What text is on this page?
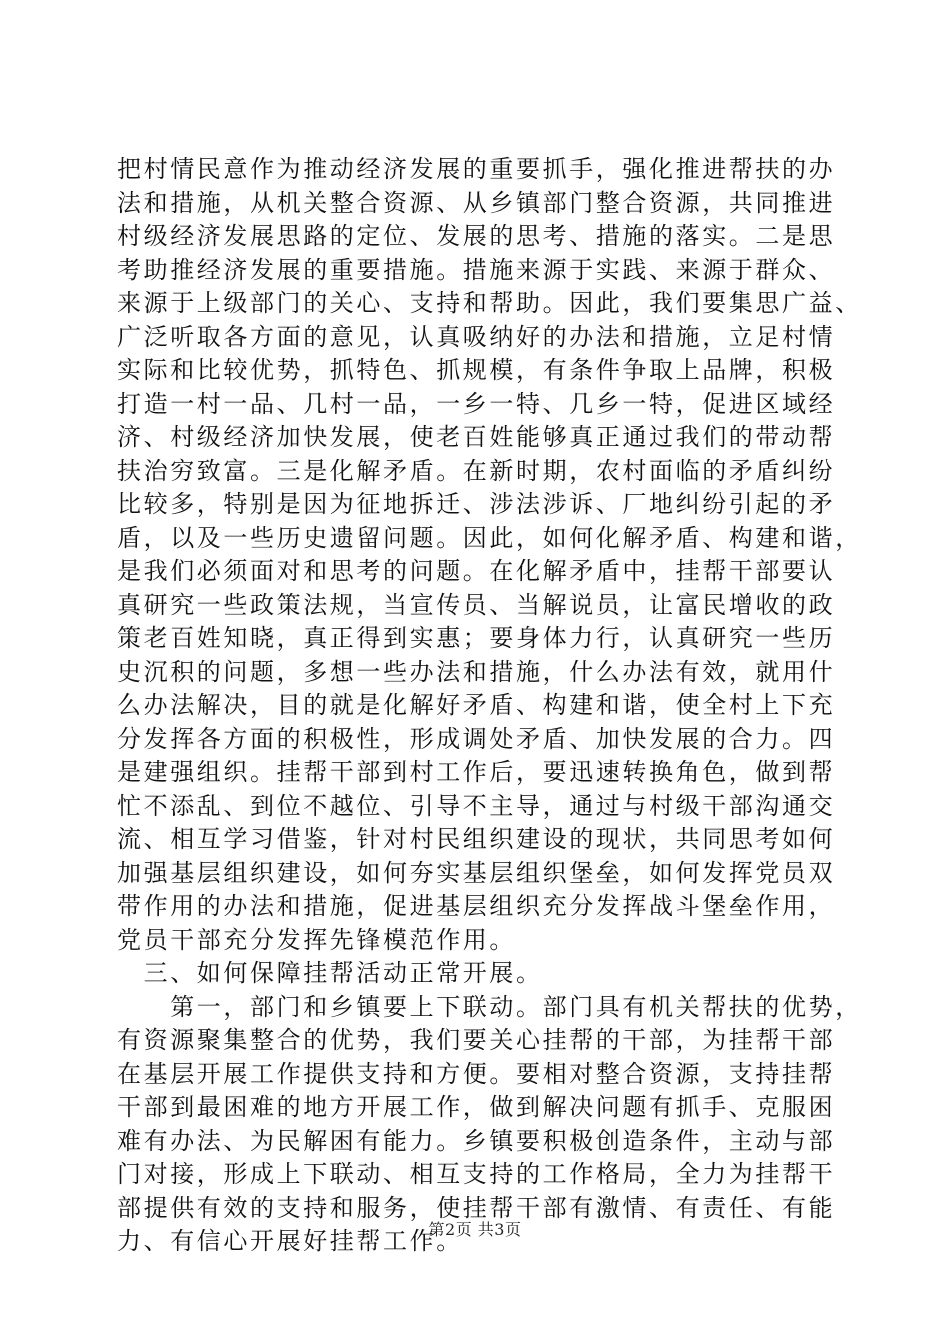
把村情民意作为推动经济发展的重要抓手，强化推进帮扶的办
法和措施，从机关整合资源、从乡镇部门整合资源，共同推进
村级经济发展思路的定位、发展的思考、措施的落实。二是思
考助推经济发展的重要措施。措施来源于实践、来源于群众、
来源于上级部门的关心、支持和帮助。因此，我们要集思广益、
广泛听取各方面的意见，认真吸纳好的办法和措施，立足村情
实际和比较优势，抓特色、抓规模，有条件争取上品牌，积极
打造一村一品、几村一品，一乡一特、几乡一特，促进区域经
济、村级经济加快发展，使老百姓能够真正通过我们的带动帮
扶治穷致富。三是化解矛盾。在新时期，农村面临的矛盾纠纷
比较多，特别是因为征地拆迁、涉法涉诉、厂地纠纷引起的矛
盾，以及一些历史遗留问题。因此，如何化解矛盾、构建和谐，
是我们必须面对和思考的问题。在化解矛盾中，挂帮干部要认
真研究一些政策法规，当宣传员、当解说员，让富民增收的政
策老百姓知晓，真正得到实惠；要身体力行，认真研究一些历
史沉积的问题，多想一些办法和措施，什么办法有效，就用什
么办法解决，目的就是化解好矛盾、构建和谐，使全村上下充
分发挥各方面的积极性，形成调处矛盾、加快发展的合力。四
是建强组织。挂帮干部到村工作后，要迅速转换角色，做到帮
忙不添乱、到位不越位、引导不主导，通过与村级干部沟通交
流、相互学习借鉴，针对村民组织建设的现状，共同思考如何
加强基层组织建设，如何夯实基层组织堡垒，如何发挥党员双
带作用的办法和措施，促进基层组织充分发挥战斗堡垒作用，
党员干部充分发挥先锋模范作用。
　三、如何保障挂帮活动正常开展。
　　第一，部门和乡镇要上下联动。部门具有机关帮扶的优势，
有资源聚集整合的优势，我们要关心挂帮的干部，为挂帮干部
在基层开展工作提供支持和方便。要相对整合资源，支持挂帮
干部到最困难的地方开展工作，做到解决问题有抓手、克服困
难有办法、为民解困有能力。乡镇要积极创造条件，主动与部
门对接，形成上下联动、相互支持的工作格局，全力为挂帮干
部提供有效的支持和服务，使挂帮干部有激情、有责任、有能
力、有信心开展好挂帮工作。
第2页 共3页
